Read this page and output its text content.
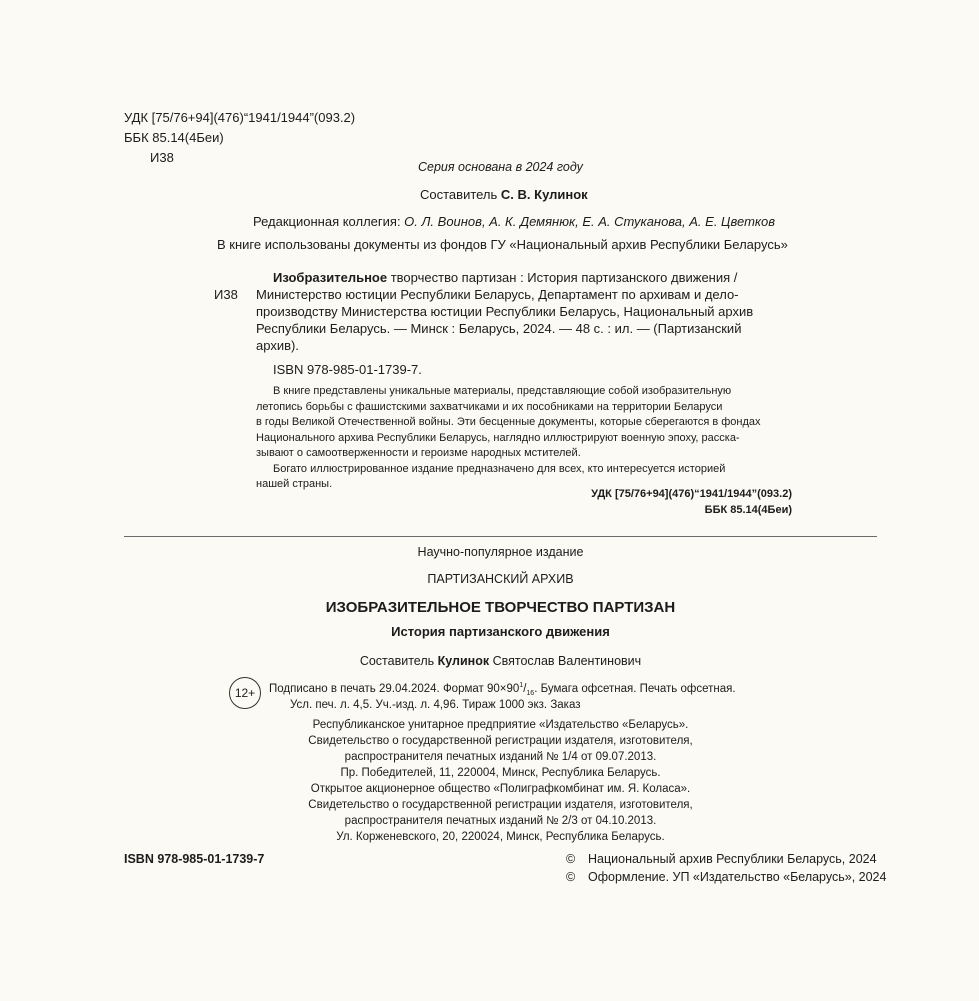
УДК [75/76+94](476)“1941/1944”(093.2)
ББК 85.14(4Беи)
И38
Серия основана в 2024 году
Составитель С. В. Кулинок
Редакционная коллегия: О. Л. Воинов, А. К. Демянюк, Е. А. Стуканова, А. Е. Цветков
В книге использованы документы из фондов ГУ «Национальный архив Республики Беларусь»
И38
Изобразительное творчество партизан : История партизанского движения /
Министерство юстиции Республики Беларусь, Департамент по архивам и дело-
производству Министерства юстиции Республики Беларусь, Национальный архив
Республики Беларусь. — Минск : Беларусь, 2024. — 48 с. : ил. — (Партизанский
архив).
ISBN 978-985-01-1739-7.
В книге представлены уникальные материалы, представляющие собой изобразительную
летопись борьбы с фашистскими захватчиками и их пособниками на территории Беларуси
в годы Великой Отечественной войны. Эти бесценные документы, которые сберегаются в фондах
Национального архива Республики Беларусь, наглядно иллюстрируют военную эпоху, расска-
зывают о самоотверженности и героизме народных мстителей.
Богато иллюстрированное издание предназначено для всех, кто интересуется историей
нашей страны.
УДК [75/76+94](476)“1941/1944”(093.2)
ББК 85.14(4Беи)
Научно-популярное издание
ПАРТИЗАНСКИЙ АРХИВ
ИЗОБРАЗИТЕЛЬНОЕ ТВОРЧЕСТВО ПАРТИЗАН
История партизанского движения
Составитель Кулинок Святослав Валентинович
12+	Подписано в печать 29.04.2024. Формат $90\times 90^1/_{16}$. Бумага офсетная. Печать офсетная.
Усл. печ. л. 4,5. Уч.-изд. л. 4,96. Тираж 1000 экз. Заказ
Республиканское унитарное предприятие «Издательство «Беларусь».
Свидетельство о государственной регистрации издателя, изготовителя,
распространителя печатных изданий № 1/4 от 09.07.2013.
Пр. Победителей, 11, 220004, Минск, Республика Беларусь.
Открытое акционерное общество «Полиграфкомбинат им. Я. Коласа».
Свидетельство о государственной регистрации издателя, изготовителя,
распространителя печатных изданий № 2/3 от 04.10.2013.
Ул. Корженевского, 20, 220024, Минск, Республика Беларусь.
ISBN 978-985-01-1739-7	© Национальный архив Республики Беларусь, 2024
© Оформление. УП «Издательство «Беларусь», 2024
